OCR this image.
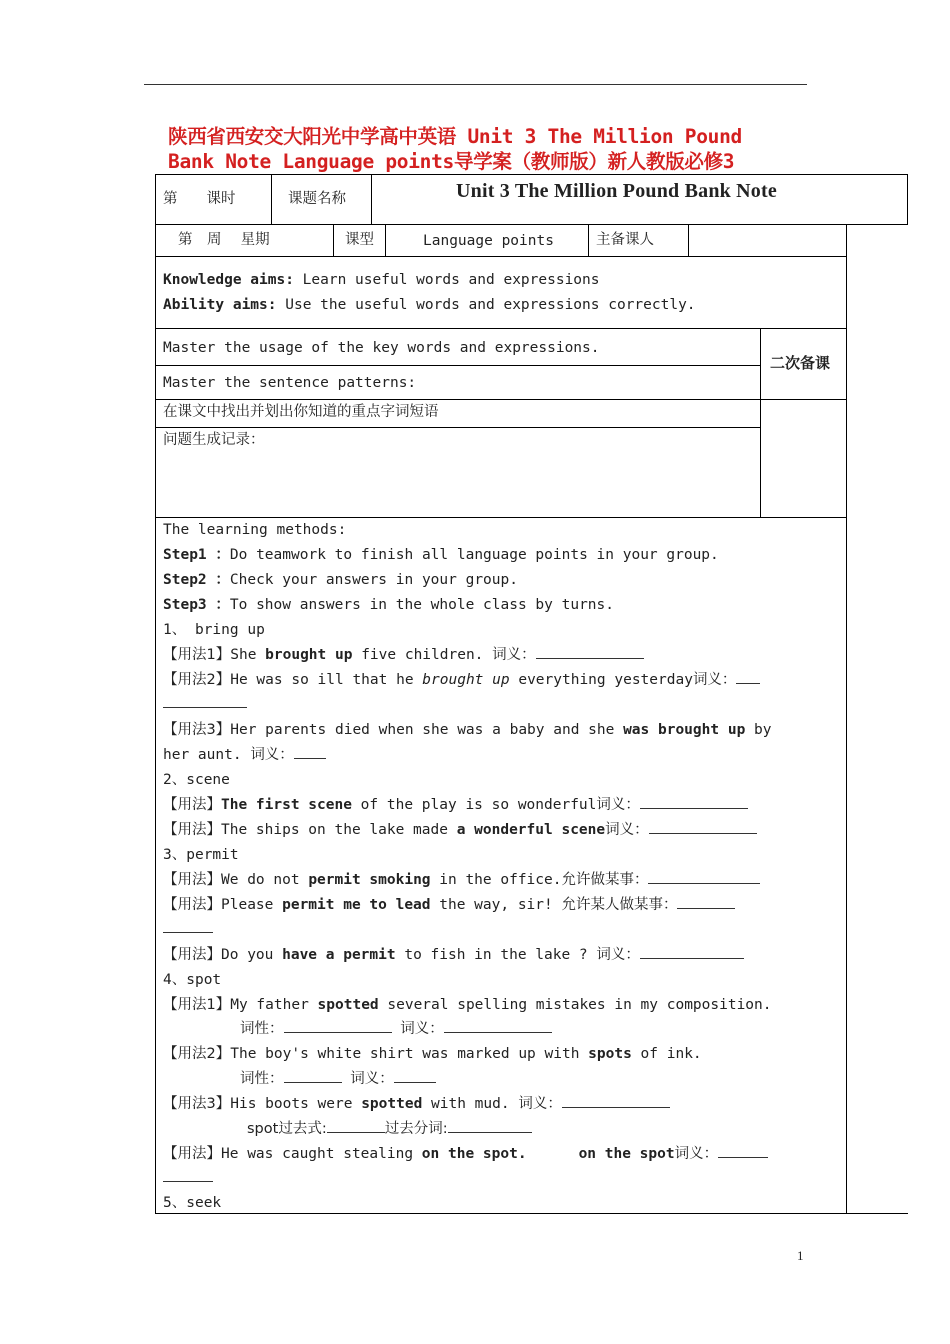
陕西省西安交大阳光中学高中英语 Unit 3 The Million Pound
Bank Note Language points导学案（教师版）新人教版必修3
第　　课时	课题名称	Unit 3 The Million Pound Bank Note
第　周　 星期	课型	Language points	主备课人
Knowledge aims: Learn useful words and expressions
Ability aims: Use the useful words and expressions correctly.
Master the usage of the key words and expressions.
二次备课
Master the sentence patterns:
在课文中找出并划出你知道的重点字词短语
问题生成记录：
The learning methods:
Step1 ：Do teamwork to finish all language points in your group.
Step2 ：Check your answers in your group.
Step3 ：To show answers in the whole class by turns.
1、 bring up
【用法1】She brought up five children. 词义：
【用法2】He was so ill that he brought up everything yesterday词义：
【用法3】Her parents died when she was a baby and she was brought up by
her aunt. 词义：
2、scene
【用法】The first scene of the play is so wonderful词义：
【用法】The ships on the lake made a wonderful scene词义：
3、permit
【用法】We do not permit smoking in the office.允许做某事：
【用法】Please permit me to lead the way, sir! 允许某人做某事：
【用法】Do you have a permit to fish in the lake ? 词义：
4、spot
【用法1】My father spotted several spelling mistakes in my composition.
词性：	词义：
【用法2】The boy's white shirt was marked up with spots of ink.
词性：	词义：
【用法3】His boots were spotted with mud. 词义：
spot过去式:	过去分词:
【用法】He was caught stealing on the spot.	on the spot词义：
5、seek
1
